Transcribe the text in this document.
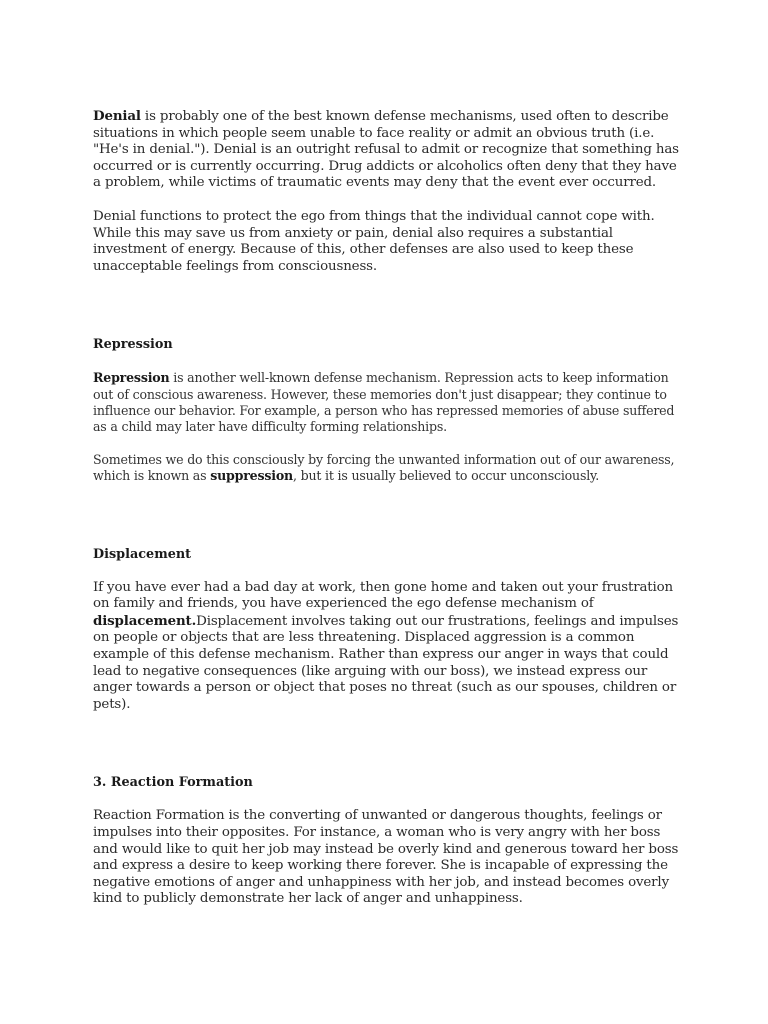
Denial is probably one of the best known defense mechanisms, used often to describe situations in which people seem unable to face reality or admit an obvious truth (i.e. "He's in denial."). Denial is an outright refusal to admit or recognize that something has occurred or is currently occurring. Drug addicts or alcoholics often deny that they have a problem, while victims of traumatic events may deny that the event ever occurred.

Denial functions to protect the ego from things that the individual cannot cope with. While this may save us from anxiety or pain, denial also requires a substantial investment of energy. Because of this, other defenses are also used to keep these unacceptable feelings from consciousness.

Repression

Repression is another well-known defense mechanism. Repression acts to keep information out of conscious awareness. However, these memories don't just disappear; they continue to influence our behavior. For example, a person who has repressed memories of abuse suffered as a child may later have difficulty forming relationships.

Sometimes we do this consciously by forcing the unwanted information out of our awareness, which is known as suppression, but it is usually believed to occur unconsciously.

Displacement

If you have ever had a bad day at work, then gone home and taken out your frustration on family and friends, you have experienced the ego defense mechanism of displacement.Displacement involves taking out our frustrations, feelings and impulses on people or objects that are less threatening. Displaced aggression is a common example of this defense mechanism. Rather than express our anger in ways that could lead to negative consequences (like arguing with our boss), we instead express our anger towards a person or object that poses no threat (such as our spouses, children or pets).

3. Reaction Formation

Reaction Formation is the converting of unwanted or dangerous thoughts, feelings or impulses into their opposites. For instance, a woman who is very angry with her boss and would like to quit her job may instead be overly kind and generous toward her boss and express a desire to keep working there forever. She is incapable of expressing the negative emotions of anger and unhappiness with her job, and instead becomes overly kind to publicly demonstrate her lack of anger and unhappiness.
